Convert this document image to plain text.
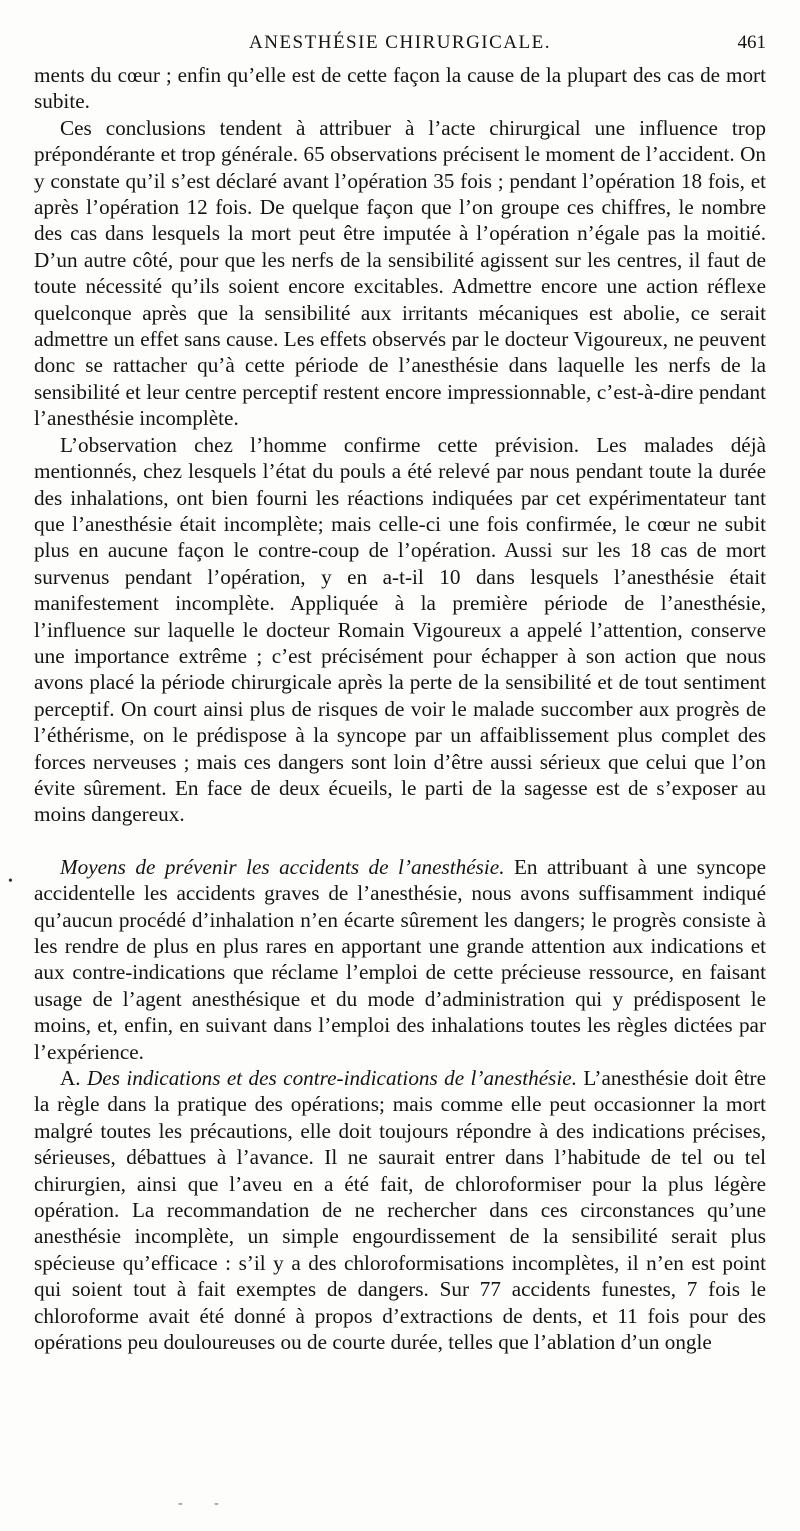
ANESTHÉSIE CHIRURGICALE.	461

ments du cœur ; enfin qu’elle est de cette façon la cause de la plupart des cas de mort subite.

Ces conclusions tendent à attribuer à l’acte chirurgical une influence trop prépondérante et trop générale. 65 observations précisent le moment de l’accident. On y constate qu’il s’est déclaré avant l’opération 35 fois ; pendant l’opération 18 fois, et après l’opération 12 fois. De quelque façon que l’on groupe ces chiffres, le nombre des cas dans lesquels la mort peut être imputée à l’opération n’égale pas la moitié. D’un autre côté, pour que les nerfs de la sensibilité agissent sur les centres, il faut de toute nécessité qu’ils soient encore excitables. Admettre encore une action réflexe quelconque après que la sensibilité aux irritants mécaniques est abolie, ce serait admettre un effet sans cause. Les effets observés par le docteur Vigoureux, ne peuvent donc se rattacher qu’à cette période de l’anesthésie dans laquelle les nerfs de la sensibilité et leur centre perceptif restent encore impressionnable, c’est-à-dire pendant l’anesthésie incomplète.

L’observation chez l’homme confirme cette prévision. Les malades déjà mentionnés, chez lesquels l’état du pouls a été relevé par nous pendant toute la durée des inhalations, ont bien fourni les réactions indiquées par cet expérimentateur tant que l’anesthésie était incomplète; mais celle-ci une fois confirmée, le cœur ne subit plus en aucune façon le contre-coup de l’opération. Aussi sur les 18 cas de mort survenus pendant l’opération, y en a-t-il 10 dans lesquels l’anesthésie était manifestement incomplète. Appliquée à la première période de l’anesthésie, l’influence sur laquelle le docteur Romain Vigoureux a appelé l’attention, conserve une importance extrême ; c’est précisément pour échapper à son action que nous avons placé la période chirurgicale après la perte de la sensibilité et de tout sentiment perceptif. On court ainsi plus de risques de voir le malade succomber aux progrès de l’éthérisme, on le prédispose à la syncope par un affaiblissement plus complet des forces nerveuses ; mais ces dangers sont loin d’être aussi sérieux que celui que l’on évite sûrement. En face de deux écueils, le parti de la sagesse est de s’exposer au moins dangereux.

Moyens de prévenir les accidents de l’anesthésie. En attribuant à une syncope accidentelle les accidents graves de l’anesthésie, nous avons suffisamment indiqué qu’aucun procédé d’inhalation n’en écarte sûrement les dangers; le progrès consiste à les rendre de plus en plus rares en apportant une grande attention aux indications et aux contre-indications que réclame l’emploi de cette précieuse ressource, en faisant usage de l’agent anesthésique et du mode d’administration qui y prédisposent le moins, et, enfin, en suivant dans l’emploi des inhalations toutes les règles dictées par l’expérience.

A. Des indications et des contre-indications de l’anesthésie. L’anesthésie doit être la règle dans la pratique des opérations; mais comme elle peut occasionner la mort malgré toutes les précautions, elle doit toujours répondre à des indications précises, sérieuses, débattues à l’avance. Il ne saurait entrer dans l’habitude de tel ou tel chirurgien, ainsi que l’aveu en a été fait, de chloroformiser pour la plus légère opération. La recommandation de ne rechercher dans ces circonstances qu’une anesthésie incomplète, un simple engourdissement de la sensibilité serait plus spécieuse qu’efficace : s’il y a des chloroformisations incomplètes, il n’en est point qui soient tout à fait exemptes de dangers. Sur 77 accidents funestes, 7 fois le chloroforme avait été donné à propos d’extractions de dents, et 11 fois pour des opérations peu douloureuses ou de courte durée, telles que l’ablation d’un ongle

•
- -
